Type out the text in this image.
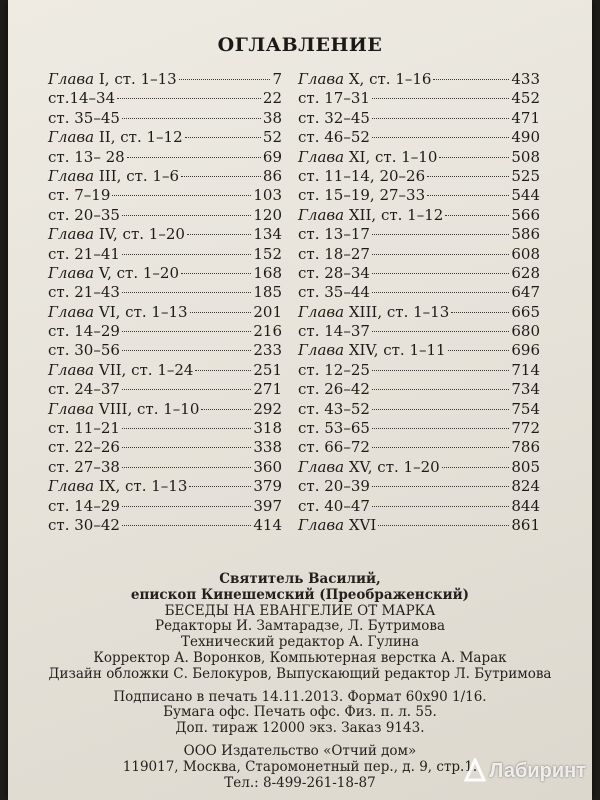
ОГЛАВЛЕНИЕ
Глава I, ст. 1–13	7
ст.14–34	22
ст. 35–45	38
Глава II, ст. 1–12	52
ст. 13– 28	69
Глава III, ст. 1–6	86
ст. 7–19	103
ст. 20–35	120
Глава IV, ст. 1–20	134
ст. 21–41	152
Глава V, ст. 1–20	168
ст. 21–43	185
Глава VI, ст. 1–13	201
ст. 14–29	216
ст. 30–56	233
Глава VII, ст. 1–24	251
ст. 24–37	271
Глава VIII, ст. 1–10	292
ст. 11–21	318
ст. 22–26	338
ст. 27–38	360
Глава IX, ст. 1–13	379
ст. 14–29	397
ст. 30–42	414
Глава X, ст. 1–16	433
ст. 17–31	452
ст. 32–45	471
ст. 46–52	490
Глава XI, ст. 1–10	508
ст. 11–14, 20–26	525
ст. 15–19, 27–33	544
Глава XII, ст. 1–12	566
ст. 13–17	586
ст. 18–27	608
ст. 28–34	628
ст. 35–44	647
Глава XIII, ст. 1–13	665
ст. 14–37	680
Глава XIV, ст. 1–11	696
ст. 12–25	714
ст. 26–42	734
ст. 43–52	754
ст. 53–65	772
ст. 66–72	786
Глава XV, ст. 1–20	805
ст. 20–39	824
ст. 40–47	844
Глава XVI	861
Святитель Василий,
епископ Кинешемский (Преображенский)
БЕСЕДЫ НА ЕВАНГЕЛИЕ ОТ МАРКА
Редакторы И. Замтарадзе, Л. Бутримова
Технический редактор А. Гулина
Корректор А. Воронков, Компьютерная верстка А. Марак
Дизайн обложки С. Белокуров, Выпускающий редактор Л. Бутримова
Подписано в печать 14.11.2013. Формат 60x90 1/16.
Бумага офс. Печать офс. Физ. п. л. 55.
Доп. тираж 12000 экз. Заказ 9143.
ООО Издательство «Отчий дом»
119017, Москва, Старомонетный пер., д. 9, стр.1.
Тел.: 8-499-261-18-87
Лабиринт
